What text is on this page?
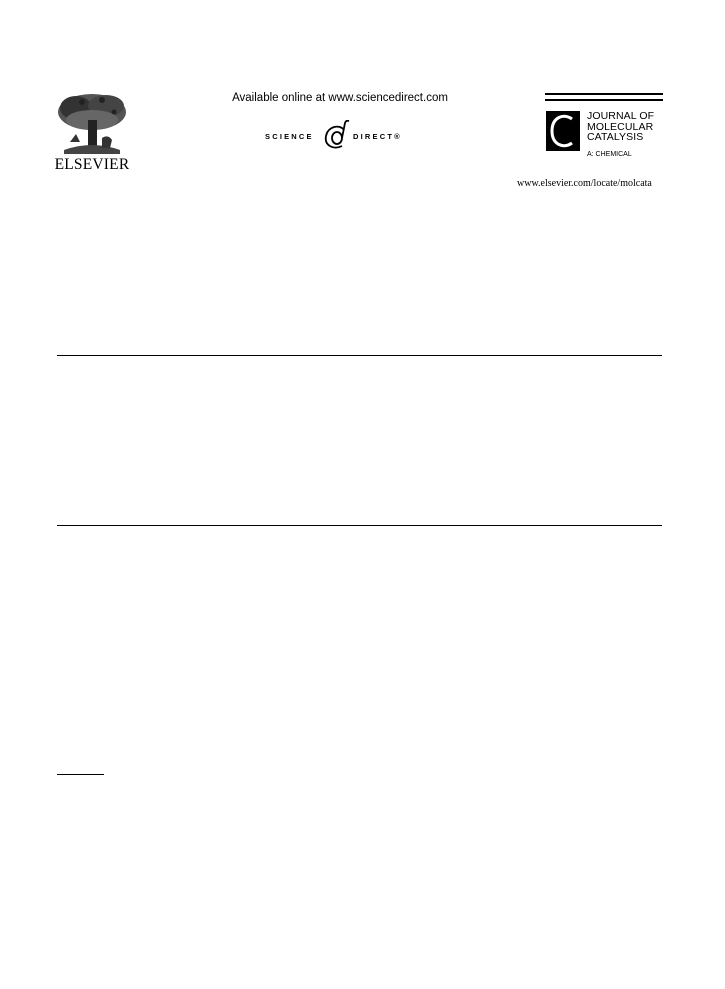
ELSEVIER
Available online at www.sciencedirect.com
SCIENCE	DIRECT®
JOURNAL OF
MOLECULAR
CATALYSIS
A: CHEMICAL
www.elsevier.com/locate/molcata
